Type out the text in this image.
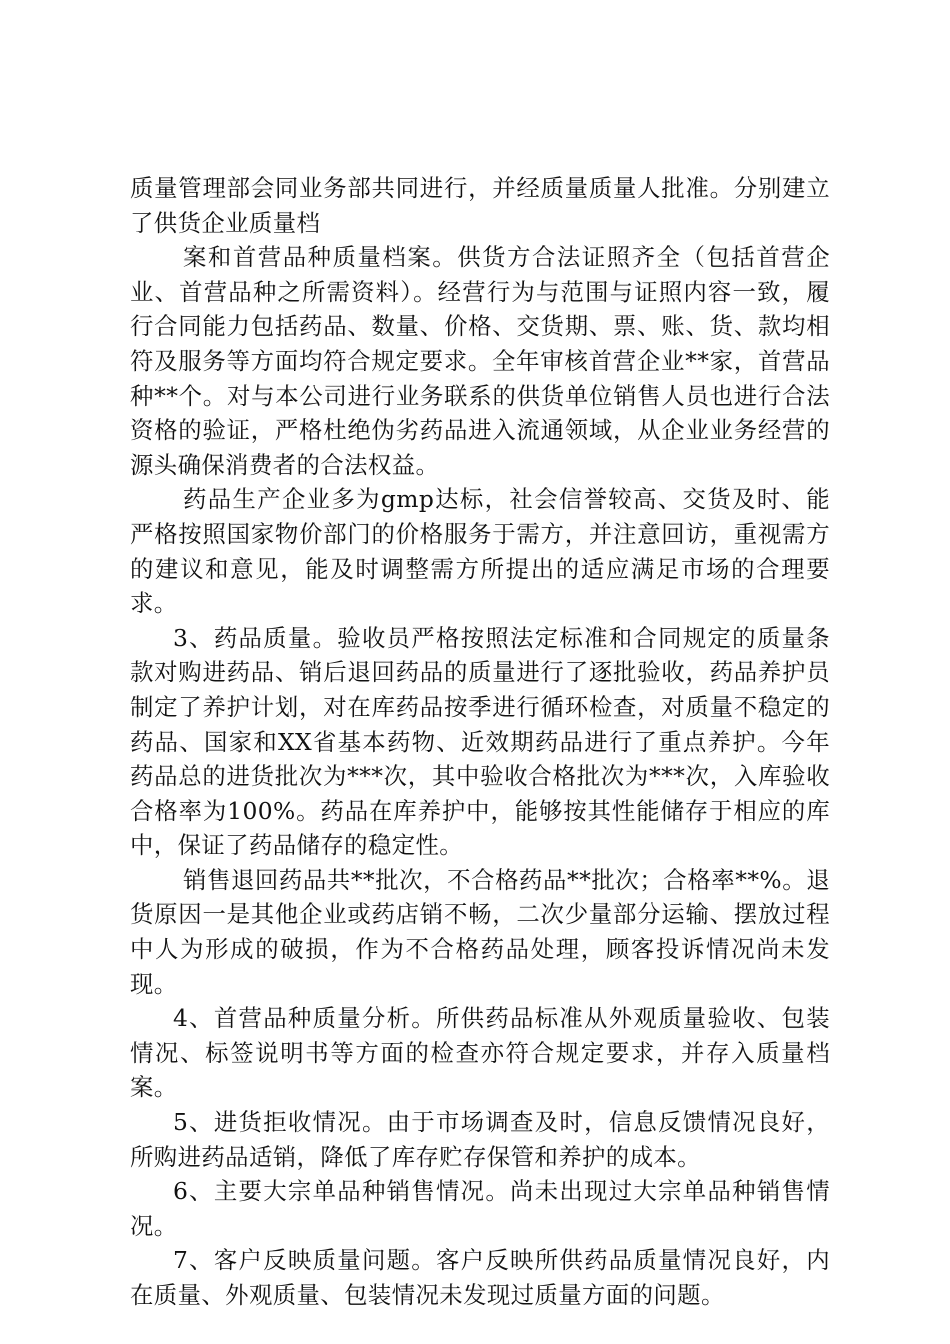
质量管理部会同业务部共同进行，并经质量质量人批准。分别建立了供货企业质量档

案和首营品种质量档案。供货方合法证照齐全（包括首营企业、首营品种之所需资料）。经营行为与范围与证照内容一致，履行合同能力包括药品、数量、价格、交货期、票、账、货、款均相符及服务等方面均符合规定要求。全年审核首营企业**家，首营品种**个。对与本公司进行业务联系的供货单位销售人员也进行合法资格的验证，严格杜绝伪劣药品进入流通领域，从企业业务经营的源头确保消费者的合法权益。

药品生产企业多为gmp达标，社会信誉较高、交货及时、能严格按照国家物价部门的价格服务于需方，并注意回访，重视需方的建议和意见，能及时调整需方所提出的适应满足市场的合理要求。

3、药品质量。验收员严格按照法定标准和合同规定的质量条款对购进药品、销后退回药品的质量进行了逐批验收，药品养护员制定了养护计划，对在库药品按季进行循环检查，对质量不稳定的药品、国家和XX省基本药物、近效期药品进行了重点养护。今年药品总的进货批次为***次，其中验收合格批次为***次，入库验收合格率为100%。药品在库养护中，能够按其性能储存于相应的库中，保证了药品储存的稳定性。

销售退回药品共**批次，不合格药品**批次；合格率**%。退货原因一是其他企业或药店销不畅，二次少量部分运输、摆放过程中人为形成的破损，作为不合格药品处理，顾客投诉情况尚未发现。

4、首营品种质量分析。所供药品标准从外观质量验收、包装情况、标签说明书等方面的检查亦符合规定要求，并存入质量档案。

5、进货拒收情况。由于市场调查及时，信息反馈情况良好，所购进药品适销，降低了库存贮存保管和养护的成本。

6、主要大宗单品种销售情况。尚未出现过大宗单品种销售情况。

7、客户反映质量问题。客户反映所供药品质量情况良好，内在质量、外观质量、包装情况未发现过质量方面的问题。
